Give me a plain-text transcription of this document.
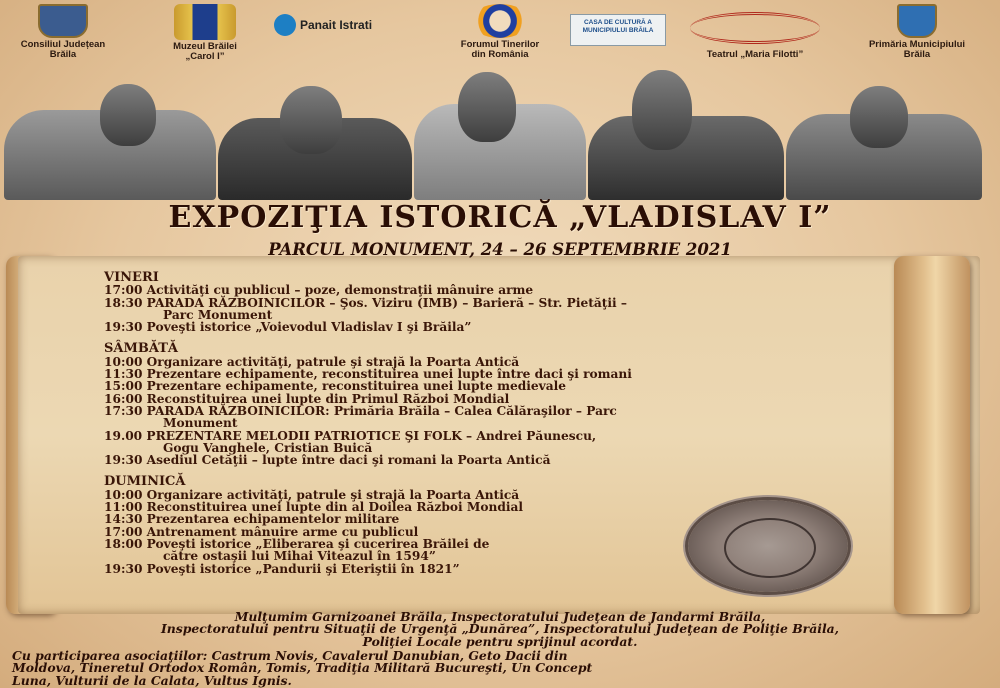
Consiliul Județean
Brăila
Muzeul Brăilei
„Carol I”
Panait Istrati
Forumul Tinerilor
din România
CASA DE CULTURĂ A MUNICIPIULUI BRĂILA
Teatrul „Maria Filotti”
Primăria Municipiului
Brăila
EXPOZIŢIA ISTORICĂ „VLADISLAV I”
PARCUL MONUMENT, 24 – 26 SEPTEMBRIE 2021
VINERI
17:00 Activităţi cu publicul – poze, demonstraţii mânuire arme
18:30 PARADA RĂZBOINICILOR – Şos. Viziru (IMB) – Barieră – Str. Pietăţii –
Parc Monument
19:30 Poveşti istorice „Voievodul Vladislav I şi Brăila”
SÂMBĂTĂ
10:00 Organizare activităţi, patrule şi strajă la Poarta Antică
11:30 Prezentare echipamente, reconstituirea unei lupte între daci şi romani
15:00 Prezentare echipamente, reconstituirea unei lupte medievale
16:00 Reconstituirea unei lupte din Primul Război Mondial
17:30 PARADA RĂZBOINICILOR: Primăria Brăila – Calea Călăraşilor – Parc
Monument
19.00 PREZENTARE MELODII PATRIOTICE ŞI FOLK – Andrei Păunescu,
Gogu Vanghele, Cristian Buică
19:30 Asediul Cetăţii – lupte între daci şi romani la Poarta Antică
DUMINICĂ
10:00 Organizare activităţi, patrule şi strajă la Poarta Antică
11:00 Reconstituirea unei lupte din al Doilea Război Mondial
14:30 Prezentarea echipamentelor militare
17:00 Antrenament mânuire arme cu publicul
18:00 Poveşti istorice „Eliberarea şi cucerirea Brăilei de
către ostaşii lui Mihai Viteazul în 1594”
19:30 Poveşti istorice „Pandurii şi Eteriştii în 1821”
Mulţumim Garnizoanei Brăila, Inspectoratului Judeţean de Jandarmi Brăila,
Inspectoratului pentru Situaţii de Urgenţă „Dunărea”, Inspectoratului Judeţean de Poliţie Brăila,
Poliţiei Locale pentru sprijinul acordat.
Cu participarea asociaţiilor: Castrum Novis, Cavalerul Danubian, Geto Dacii din
Moldova, Tineretul Ortodox Român, Tomis, Tradiţia Militară Bucureşti, Un Concept
Luna, Vulturii de la Calata, Vultus Ignis.
